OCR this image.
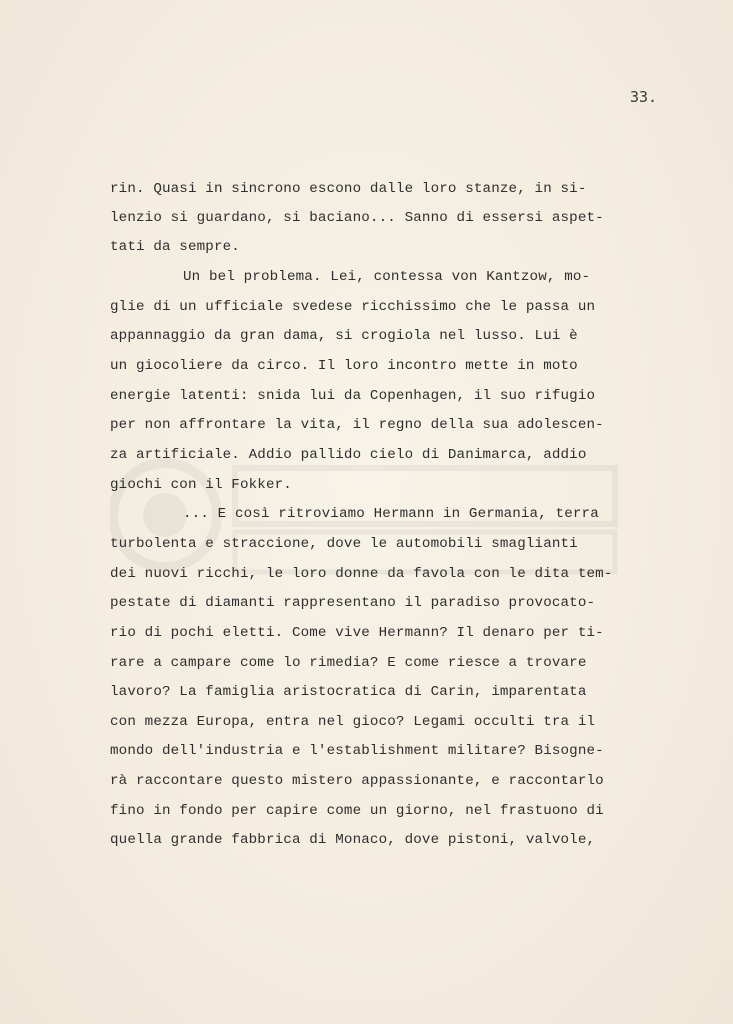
33.
rin. Quasi in sincrono escono dalle loro stanze, in si-
lenzio si guardano, si baciano... Sanno di essersi aspet-
tati da sempre.
Un bel problema. Lei, contessa von Kantzow, mo-
glie di un ufficiale svedese ricchissimo che le passa un
appannaggio da gran dama, si crogiola nel lusso. Lui è
un giocoliere da circo. Il loro incontro mette in moto
energie latenti: snida lui da Copenhagen, il suo rifugio
per non affrontare la vita, il regno della sua adolescen-
za artificiale. Addio pallido cielo di Danimarca, addio
giochi con il Fokker.
... E così ritroviamo Hermann in Germania, terra
turbolenta e straccione, dove le automobili smaglianti
dei nuovi ricchi, le loro donne da favola con le dita tem-
pestate di diamanti rappresentano il paradiso provocato-
rio di pochi eletti. Come vive Hermann? Il denaro per ti-
rare a campare come lo rimedia? E come riesce a trovare
lavoro? La famiglia aristocratica di Carin, imparentata
con mezza Europa, entra nel gioco? Legami occulti tra il
mondo dell'industria e l'establishment militare? Bisogne-
rà raccontare questo mistero appassionante, e raccontarlo
fino in fondo per capire come un giorno, nel frastuono di
quella grande fabbrica di Monaco, dove pistoni, valvole,
